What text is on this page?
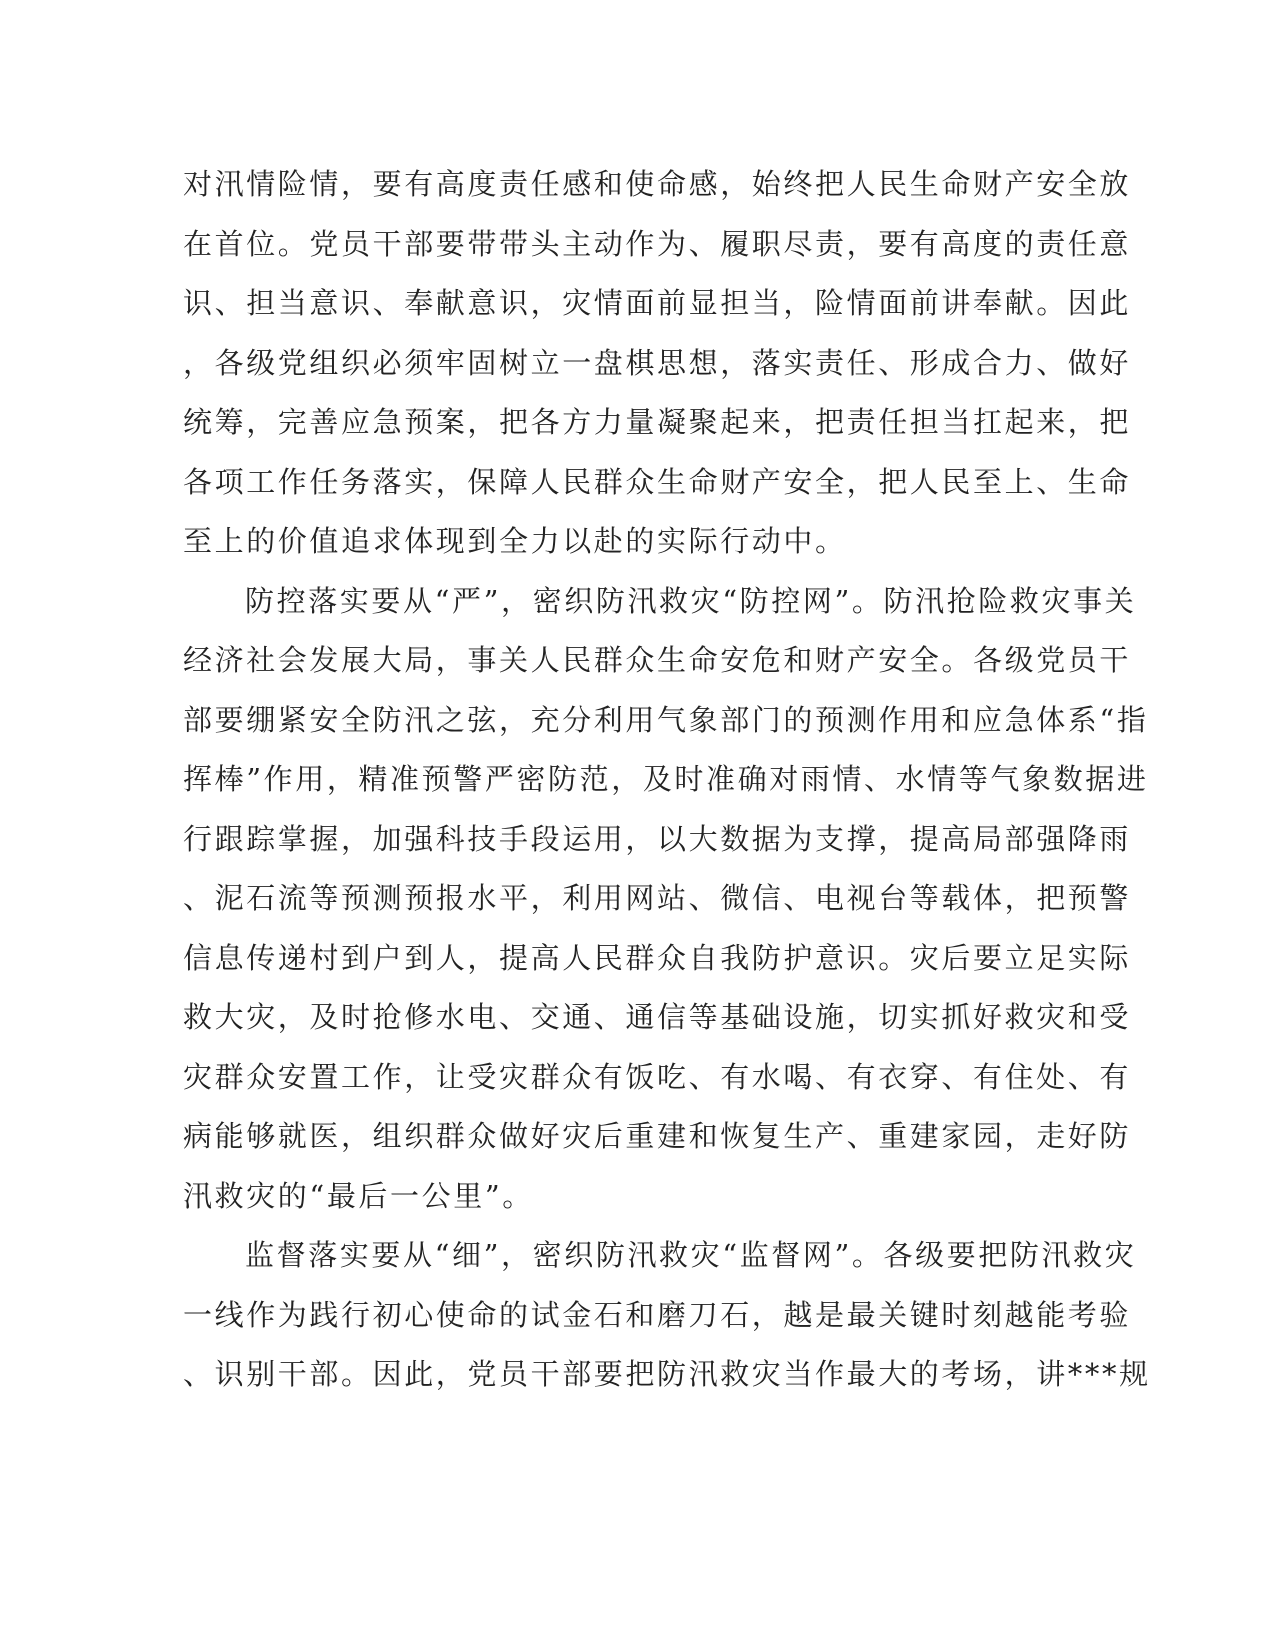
对汛情险情，要有高度责任感和使命感，始终把人民生命财产安全放
在首位。党员干部要带带头主动作为、履职尽责，要有高度的责任意
识、担当意识、奉献意识，灾情面前显担当，险情面前讲奉献。因此
，各级党组织必须牢固树立一盘棋思想，落实责任、形成合力、做好
统筹，完善应急预案，把各方力量凝聚起来，把责任担当扛起来，把
各项工作任务落实，保障人民群众生命财产安全，把人民至上、生命
至上的价值追求体现到全力以赴的实际行动中。
防控落实要从“严”，密织防汛救灾“防控网”。防汛抢险救灾事关
经济社会发展大局，事关人民群众生命安危和财产安全。各级党员干
部要绷紧安全防汛之弦，充分利用气象部门的预测作用和应急体系“指
挥棒”作用，精准预警严密防范，及时准确对雨情、水情等气象数据进
行跟踪掌握，加强科技手段运用，以大数据为支撑，提高局部强降雨
、泥石流等预测预报水平，利用网站、微信、电视台等载体，把预警
信息传递村到户到人，提高人民群众自我防护意识。灾后要立足实际
救大灾，及时抢修水电、交通、通信等基础设施，切实抓好救灾和受
灾群众安置工作，让受灾群众有饭吃、有水喝、有衣穿、有住处、有
病能够就医，组织群众做好灾后重建和恢复生产、重建家园，走好防
汛救灾的“最后一公里”。
监督落实要从“细”，密织防汛救灾“监督网”。各级要把防汛救灾
一线作为践行初心使命的试金石和磨刀石，越是最关键时刻越能考验
、识别干部。因此，党员干部要把防汛救灾当作最大的考场，讲***规
